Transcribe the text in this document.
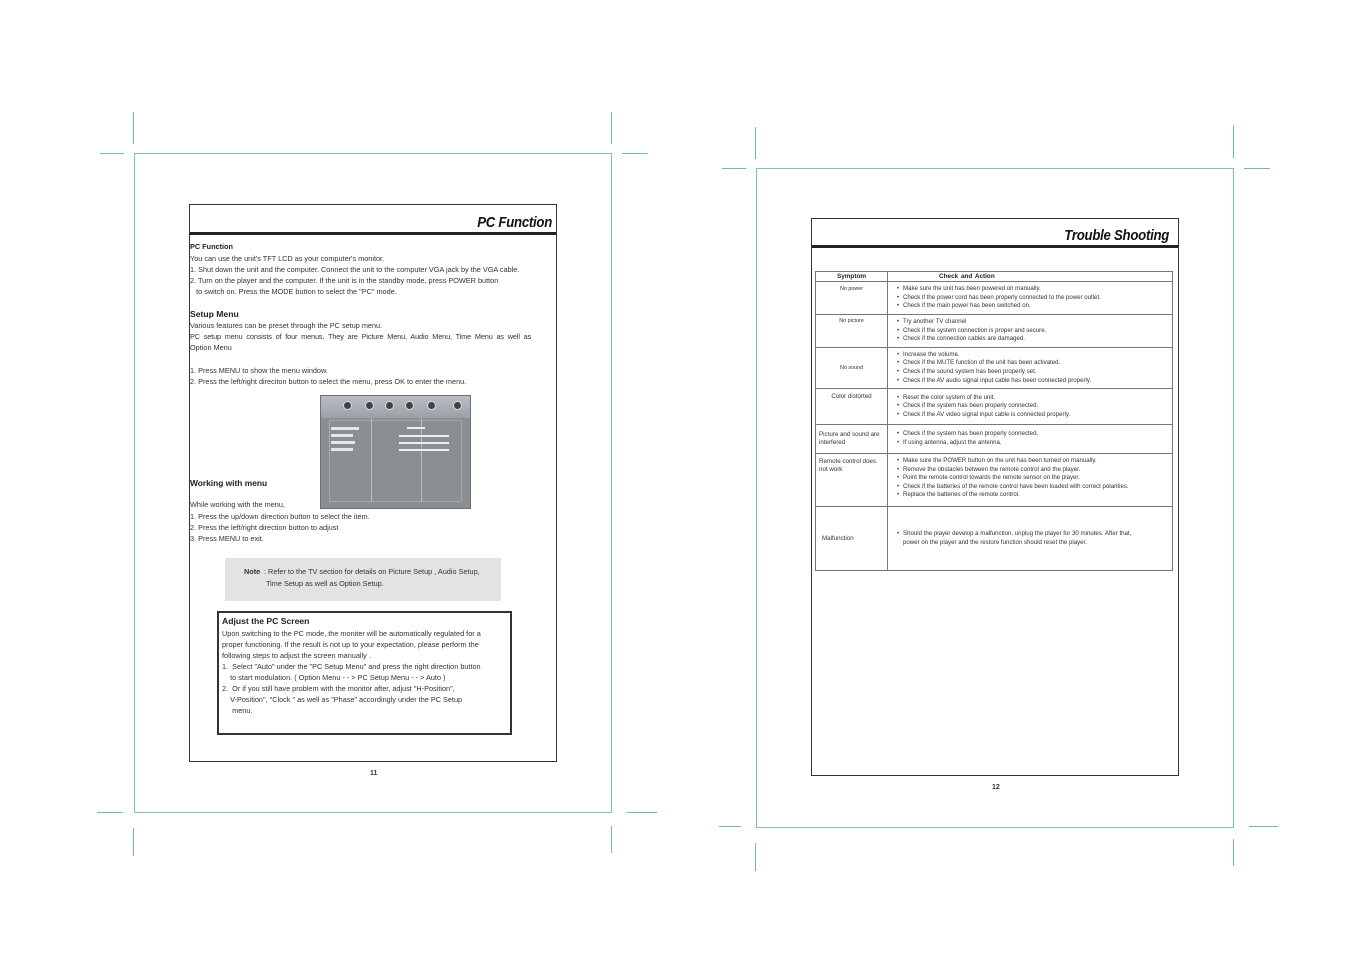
PC Function
PC Function
You can use the unit's TFT LCD as your computer's monitor.
1. Shut down the unit and the computer. Connect the unit to the computer VGA jack by the VGA cable.
2. Turn on the player and the computer. If the unit is in the standby mode, press POWER button
to switch on. Press the MODE button to select the "PC" mode.
Setup Menu
Various features can be preset through the PC setup menu.
PC  setup  menu  consists  of  four  menus.  They  are  Picture  Menu,  Audio  Menu,  Time  Menu  as  well  as
Option Menu
1. Press MENU to show the menu window.
2. Press the left/right direciton button to select the menu, press OK to enter the menu.
Working with menu
While working with the menu,
1. Press the up/down direction button to select the item.
2. Press the left/right direction button to adjust
3. Press MENU to exit.
Note : Refer to the TV section for details on Picture Setup , Audio Setup,
Time Setup as well as Option Setup.
Adjust the PC Screen
Upon switching to the PC mode, the moniter will be automatically regulated for a
proper functioning. If the result is not up to your expectation, please perform the
following steps to adjust the screen manually .
1.  Select "Auto" under the "PC Setup Menu" and press the right direction button
to start modulation. ( Option Menu - - > PC Setup Menu - - > Auto )
2.  Or if you still have problem with the monitor after, adjust "H-Position",
V-Position", "Clock " as well as "Phase" accordingly under the PC Setup
menu.
11
Trouble Shooting
Symptom	Check and Action
No power	• Make sure the unit has been powered on manually.
• Check if the power cord has been properly connected to the power outlet.
• Check if the main power has been switched on.

No picture	• Try another TV channel
• Check if the system connection is proper and secure.
• Check if the connection cables are damaged.

No sound	• Increase the volume.
• Check if the MUTE function of the unit has been activated.
• Check if the sound system has been properly set.
• Check if the AV audio signal input cable has been connected properly.

Color distorted	• Reset the color system of the unit.
• Check if the system has been properly connected.
• Check if the AV video signal input cable is connected properly.

Picture and sound are interfered	• Check if the system has been properly connected.
• If using antenna, adjust the antenna.

Remote control does not work	• Make sure the POWER button on the unit has been turned on manually.
• Remove the obstacles between the remote control and the player.
• Point the remote control towards the remote sensor on the player.
• Check if the batteries of the remote control have been loaded with correct polarities.
• Replace the batteries of the remote control.

Malfunction	• Should the player develop a malfunction, unplug the player for 30 minutes. After that,
power on the player and the restore function should reset the player.
12
